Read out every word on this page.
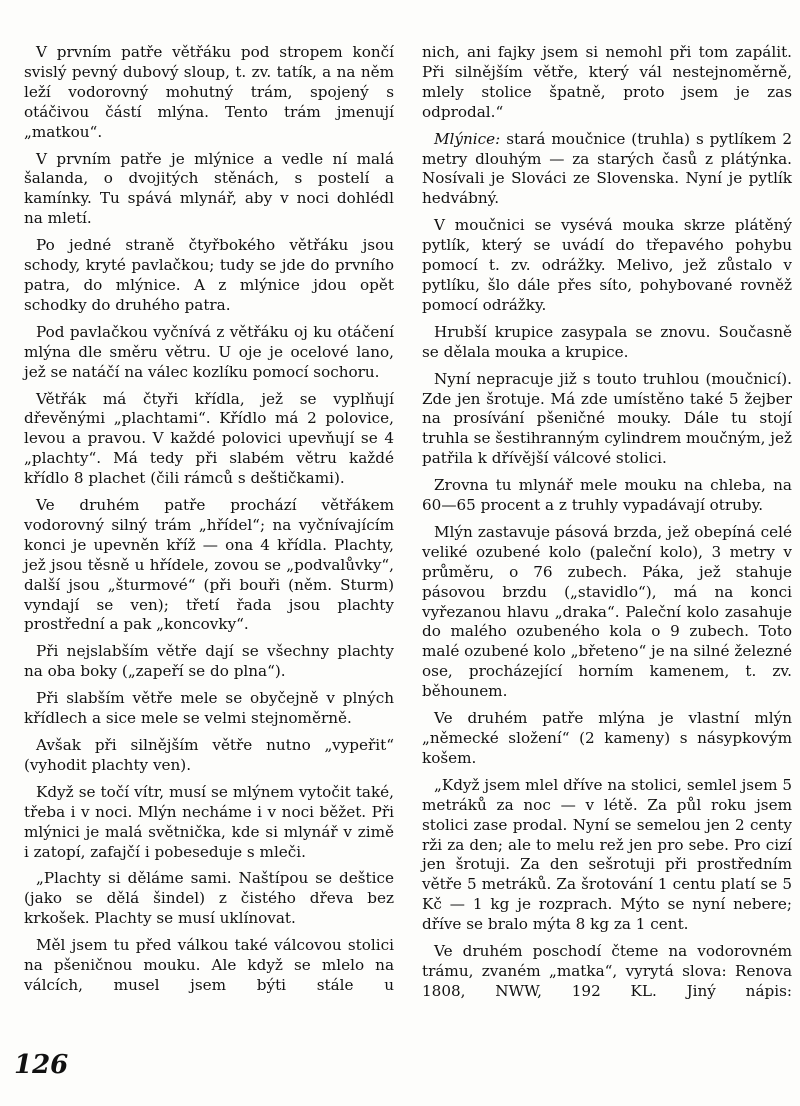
V prvním patře větřáku pod stropem končí svislý pevný dubový sloup, t. zv. tatík, a na něm leží vodorovný mohutný trám, spojený s otáčivou částí mlýna. Tento trám jmenují „matkou“.

V prvním patře je mlýnice a vedle ní malá šalanda, o dvojitých stěnách, s postelí a kamínky. Tu spává mlynář, aby v noci dohlédl na mletí.

Po jedné straně čtyřbokého větřáku jsou schody, kryté pavlačkou; tudy se jde do prvního patra, do mlýnice. A z mlýnice jdou opět schodky do druhého patra.

Pod pavlačkou vyčnívá z větřáku oj ku otáčení mlýna dle směru větru. U oje je ocelové lano, jež se natáčí na válec kozlíku pomocí sochoru.

Větřák má čtyři křídla, jež se vyplňují dřevěnými „plachtami“. Křídlo má 2 polovice, levou a pravou. V každé polovici upevňují se 4 „plachty“. Má tedy při slabém větru každé křídlo 8 plachet (čili rámců s deštičkami).

Ve druhém patře prochází větřákem vodorovný silný trám „hřídel“; na vyčnívajícím konci je upevněn kříž — ona 4 křídla. Plachty, jež jsou těsně u hřídele, zovou se „podvalůvky“, další jsou „šturmové“ (při bouři (něm. Sturm) vyndají se ven); třetí řada jsou plachty prostřední a pak „koncovky“.

Při nejslabším větře dají se všechny plachty na oba boky („zapeří se do plna“).

Při slabším větře mele se obyčejně v plných křídlech a sice mele se velmi stejnoměrně.

Avšak při silnějším větře nutno „vypeřit“ (vyhodit plachty ven).

Když se točí vítr, musí se mlýnem vytočit také, třeba i v noci. Mlýn necháme i v noci běžet. Při mlýnici je malá světnička, kde si mlynář v zimě i zatopí, zafajčí i pobesedujе s mleči.

„Plachty si děláme sami. Naštípou se deštice (jako se dělá šindel) z čistého dřeva bez krkošek. Plachty se musí uklínovat.

Měl jsem tu před válkou také válcovou stolici na pšeničnou mouku. Ale když se mlelo na válcích, musel jsem býti stále u

nich, ani fajky jsem si nemohl při tom zapálit. Při silnějším větře, který vál nestejnoměrně, mlely stolice špatně, proto jsem je zas odprodal.“

Mlýnice: stará moučnice (truhla) s pytlíkem 2 metry dlouhým — za starých časů z plátýnka. Nosívali je Slováci ze Slovenska. Nyní je pytlík hedvábný.

V moučnici se vysévá mouka skrze plátěný pytlík, který se uvádí do třepavého pohybu pomocí t. zv. odrážky. Melivo, jež zůstalo v pytlíku, šlo dále přes síto, pohybované rovněž pomocí odrážky.

Hrubší krupice zasypala se znovu. Současně se dělala mouka a krupice.

Nyní nepracuje již s touto truhlou (moučnicí). Zde jen šrotuje. Má zde umístěno také 5 žejber na prosívání pšeničné mouky. Dále tu stojí truhla se šestihranným cylindrem moučným, jež patřila k dřívější válcové stolici.

Zrovna tu mlynář mele mouku na chleba, na 60—65 procent a z truhly vypadávají otruby.

Mlýn zastavuje pásová brzda, jež obepíná celé veliké ozubené kolo (paleční kolo), 3 metry v průměru, o 76 zubech. Páka, jež stahuje pásovou brzdu („stavidlo“), má na konci vyřezanou hlavu „draka“. Paleční kolo zasahuje do malého ozubeného kola o 9 zubech. Toto malé ozubené kolo „břeteno“ je na silné železné ose, procházející horním kamenem, t. zv. běhounem.

Ve druhém patře mlýna je vlastní mlýn „německé složení“ (2 kameny) s násypkovým košem.

„Když jsem mlel dříve na stolici, semlel jsem 5 metráků za noc — v létě. Za půl roku jsem stolici zase prodal. Nyní se semelou jen 2 centy rži za den; ale to melu rež jen pro sebe. Pro cizí jen šrotuji. Za den sešrotuji při prostředním větře 5 metráků. Za šrotování 1 centu platí se 5 Kč — 1 kg je rozprach. Mýto se nyní nebere; dříve se bralo mýta 8 kg za 1 cent.

Ve druhém poschodí čteme na vodorovném trámu, zvaném „matka“, vyrytá slova: Renova 1808, NWW, 192 KL. Jiný nápis:

126
